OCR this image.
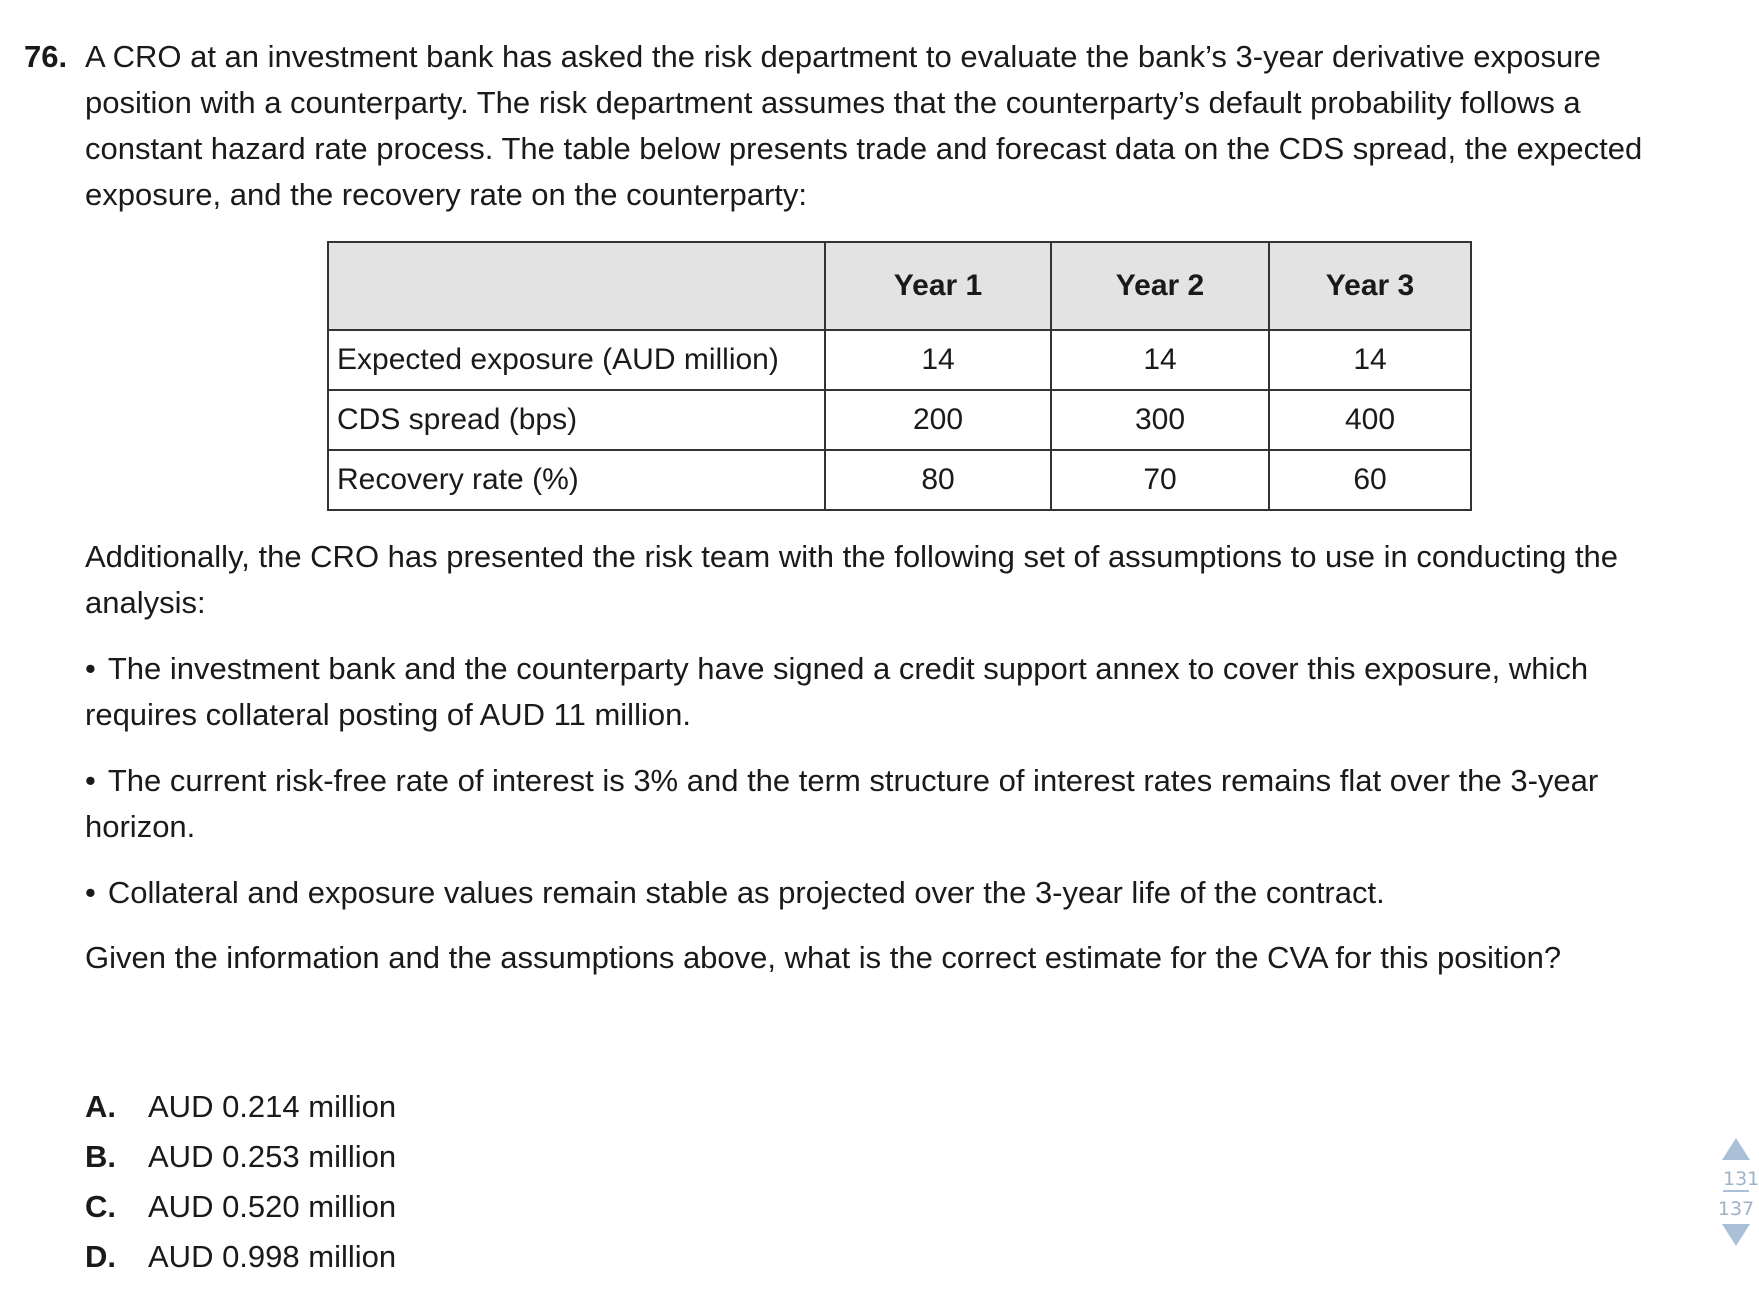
76. A CRO at an investment bank has asked the risk department to evaluate the bank’s 3-year derivative exposure position with a counterparty. The risk department assumes that the counterparty’s default probability follows a constant hazard rate process. The table below presents trade and forecast data on the CDS spread, the expected exposure, and the recovery rate on the counterparty:
	Year 1	Year 2	Year 3
Expected exposure (AUD million)	14	14	14
CDS spread (bps)	200	300	400
Recovery rate (%)	80	70	60
Additionally, the CRO has presented the risk team with the following set of assumptions to use in conducting the analysis:
• The investment bank and the counterparty have signed a credit support annex to cover this exposure, which requires collateral posting of AUD 11 million.
• The current risk-free rate of interest is 3% and the term structure of interest rates remains flat over the 3-year horizon.
• Collateral and exposure values remain stable as projected over the 3-year life of the contract.
Given the information and the assumptions above, what is the correct estimate for the CVA for this position?
A. AUD 0.214 million
B. AUD 0.253 million
C. AUD 0.520 million
D. AUD 0.998 million
131
137
